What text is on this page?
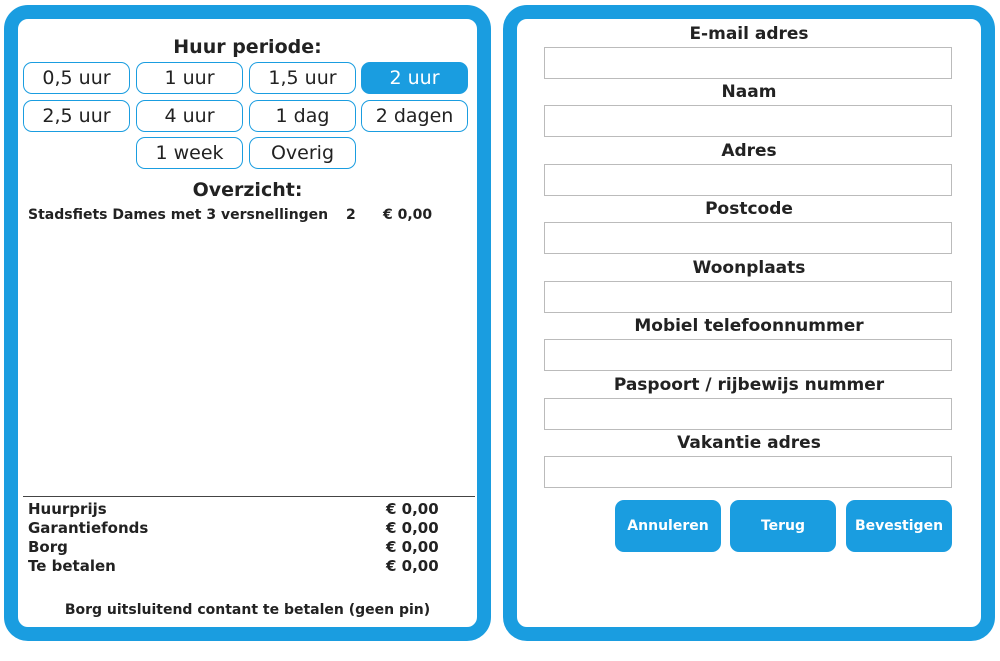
Huur periode:
0,5 uur	1 uur	1,5 uur	2 uur
2,5 uur	4 uur	1 dag	2 dagen
1 week	Overig
Overzicht:
Stadsfiets Dames met 3 versnellingen 2 € 0,00
Huurprijs	€ 0,00
Garantiefonds	€ 0,00
Borg	€ 0,00
Te betalen	€ 0,00
Borg uitsluitend contant te betalen (geen pin)
E-mail adres
Naam
Adres
Postcode
Woonplaats
Mobiel telefoonnummer
Paspoort / rijbewijs nummer
Vakantie adres
Annuleren	Terug	Bevestigen
